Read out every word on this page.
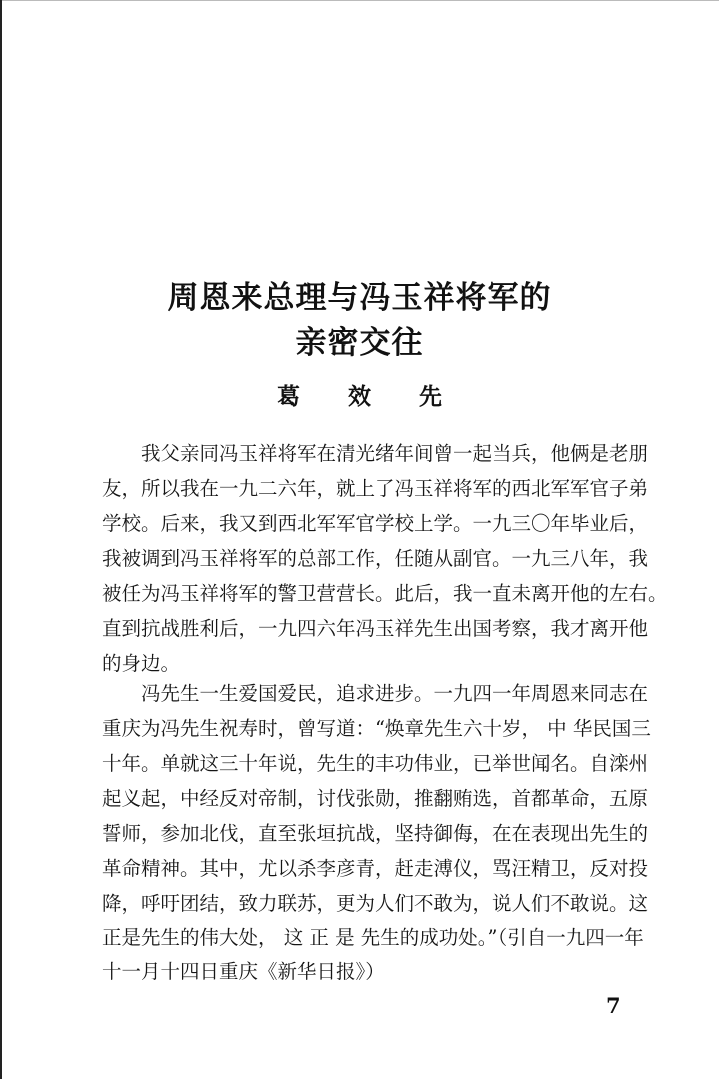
周恩来总理与冯玉祥将军的
亲密交往
葛 效 先
我父亲同冯玉祥将军在清光绪年间曾一起当兵，他俩是老朋
友，所以我在一九二六年，就上了冯玉祥将军的西北军军官子弟
学校。后来，我又到西北军军官学校上学。一九三〇年毕业后，
我被调到冯玉祥将军的总部工作，任随从副官。一九三八年，我
被任为冯玉祥将军的警卫营营长。此后，我一直未离开他的左右。
直到抗战胜利后，一九四六年冯玉祥先生出国考察，我才离开他
的身边。
冯先生一生爱国爱民，追求进步。一九四一年周恩来同志在
重庆为冯先生祝寿时，曾写道：“焕章先生六十岁， 中 华民国三
十年。单就这三十年说，先生的丰功伟业，已举世闻名。自滦州
起义起，中经反对帝制，讨伐张勋，推翻贿选，首都革命，五原
誓师，参加北伐，直至张垣抗战，坚持御侮，在在表现出先生的
革命精神。其中，尤以杀李彦青，赶走溥仪，骂汪精卫，反对投
降，呼吁团结，致力联苏，更为人们不敢为，说人们不敢说。这
正是先生的伟大处， 这 正 是 先生的成功处。”（引自一九四一年
十一月十四日重庆《新华日报》）
7
